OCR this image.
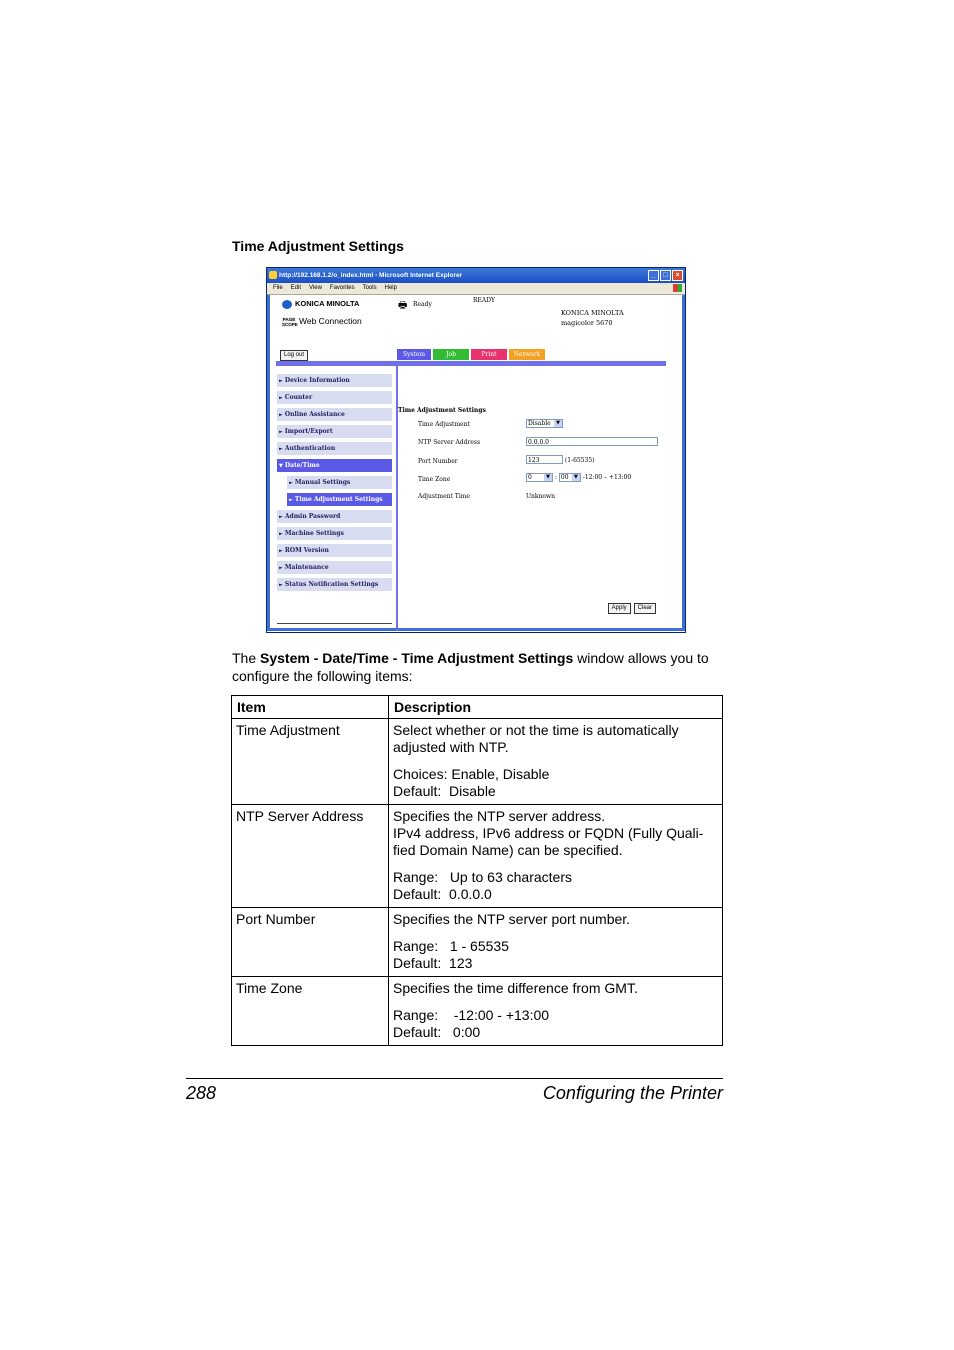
Time Adjustment Settings
http://192.168.1.2/o_index.html - Microsoft Internet Explorer	_	□	×
File Edit View Favorites Tools Help
KONICA MINOLTA
PAGE SCOPEWeb Connection
🖶 Ready
READY
KONICA MINOLTA
magicolor 5670
Log out	System	Job	Print	Network
► Device Information
► Counter
► Online Assistance
► Import/Export
► Authentication
▼ Date/Time
► Manual Settings
► Time Adjustment Settings
► Admin Password
► Machine Settings
► ROM Version
► Maintenance
► Status Notification Settings
Time Adjustment Settings
Time Adjustment	Disable	▼
NTP Server Address	0.0.0.0
Port Number	123	(1-65535)
Time Zone	0	▼ : 00	▼ -12:00 – +13:00
Adjustment Time	Unknown
Apply	Clear
The System - Date/Time - Time Adjustment Settings window allows you to configure the following items:
Item	Description
Time Adjustment	Select whether or not the time is automatically adjusted with NTP.
Choices: Enable, Disable
Default:  Disable

NTP Server Address	Specifies the NTP server address.
IPv4 address, IPv6 address or FQDN (Fully Quali-fied Domain Name) can be specified.
Range:   Up to 63 characters
Default:  0.0.0.0

Port Number	Specifies the NTP server port number.
Range:   1 - 65535
Default:  123

Time Zone	Specifies the time difference from GMT.
Range:    -12:00 - +13:00
Default:   0:00
288	Configuring the Printer
